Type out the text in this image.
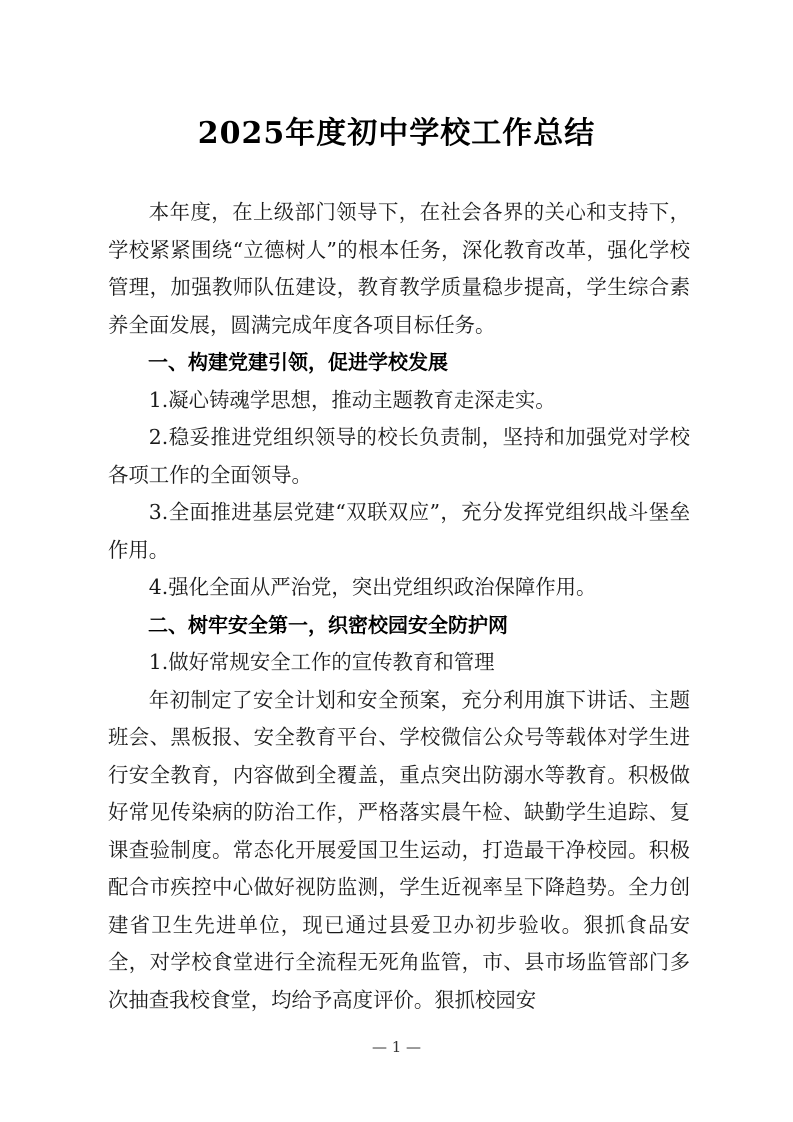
2025年度初中学校工作总结

本年度，在上级部门领导下，在社会各界的关心和支持下，学校紧紧围绕“立德树人”的根本任务，深化教育改革，强化学校管理，加强教师队伍建设，教育教学质量稳步提高，学生综合素养全面发展，圆满完成年度各项目标任务。

一、构建党建引领，促进学校发展

1.凝心铸魂学思想，推动主题教育走深走实。

2.稳妥推进党组织领导的校长负责制，坚持和加强党对学校各项工作的全面领导。

3.全面推进基层党建“双联双应”，充分发挥党组织战斗堡垒作用。

4.强化全面从严治党，突出党组织政治保障作用。

二、树牢安全第一，织密校园安全防护网

1.做好常规安全工作的宣传教育和管理

年初制定了安全计划和安全预案，充分利用旗下讲话、主题班会、黑板报、安全教育平台、学校微信公众号等载体对学生进行安全教育，内容做到全覆盖，重点突出防溺水等教育。积极做好常见传染病的防治工作，严格落实晨午检、缺勤学生追踪、复课查验制度。常态化开展爱国卫生运动，打造最干净校园。积极配合市疾控中心做好视防监测，学生近视率呈下降趋势。全力创建省卫生先进单位，现已通过县爱卫办初步验收。狠抓食品安全，对学校食堂进行全流程无死角监管，市、县市场监管部门多次抽查我校食堂，均给予高度评价。狠抓校园安

— 1 —
